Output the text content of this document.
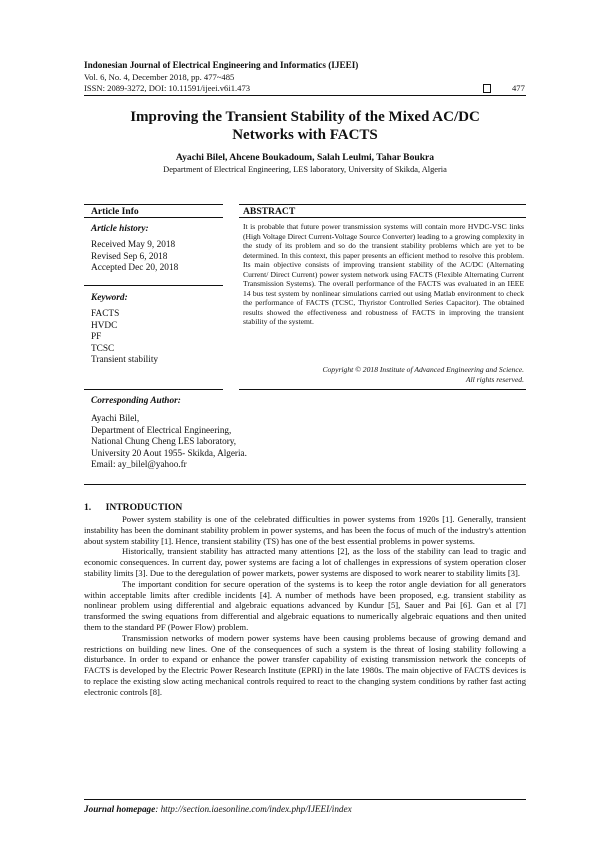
Indonesian Journal of Electrical Engineering and Informatics (IJEEI)
Vol. 6, No. 4, December 2018, pp. 477~485
ISSN: 2089-3272, DOI: 10.11591/ijeei.v6i1.473	477
Improving the Transient Stability of the Mixed AC/DC
Networks with FACTS
Ayachi Bilel, Ahcene Boukadoum, Salah Leulmi, Tahar Boukra
Department of Electrical Engineering, LES laboratory, University of Skikda, Algeria
Article Info	ABSTRACT
Article history:
Received May 9, 2018
Revised Sep 6, 2018
Accepted Dec 20, 2018
Keyword:
FACTS
HVDC
PF
TCSC
Transient stability
It is probable that future power transmission systems will contain more HVDC-VSC links (High Voltage Direct Current-Voltage Source Converter) leading to a growing complexity in the study of its problem and so do the transient stability problems which are yet to be determined. In this context, this paper presents an efficient method to resolve this problem. Its main objective consists of improving transient stability of the AC/DC (Alternating Current/ Direct Current) power system network using FACTS (Flexible Alternating Current Transmission Systems). The overall performance of the FACTS was evaluated in an IEEE 14 bus test system by nonlinear simulations carried out using Matlab environment to check the performance of FACTS (TCSC, Thyristor Controlled Series Capacitor). The obtained results showed the effectiveness and robustness of FACTS in improving the transient stability of the systemt.
Copyright © 2018 Institute of Advanced Engineering and Science.
All rights reserved.
Corresponding Author:
Ayachi Bilel,
Department of Electrical Engineering,
National Chung Cheng LES laboratory,
University 20 Aout 1955- Skikda, Algeria.
Email: ay_bilel@yahoo.fr
1.      INTRODUCTION

Power system stability is one of the celebrated difficulties in power systems from 1920s [1]. Generally, transient instability has been the dominant stability problem in power systems, and has been the focus of much of the industry's attention about system stability [1]. Hence, transient stability (TS) has one of the best essential problems in power systems.

Historically, transient stability has attracted many attentions [2], as the loss of the stability can lead to tragic and economic consequences. In current day, power systems are facing a lot of challenges in expressions of system operation closer stability limits [3]. Due to the deregulation of power markets, power systems are disposed to work nearer to stability limits [3].

The important condition for secure operation of the systems is to keep the rotor angle deviation for all generators within acceptable limits after credible incidents [4]. A number of methods have been proposed, e.g. transient stability as nonlinear problem using differential and algebraic equations advanced by Kundur [5], Sauer and Pai [6]. Gan et al [7] transformed the swing equations from differential and algebraic equations to numerically algebraic equations and then united them to the standard PF (Power Flow) problem.

Transmission networks of modern power systems have been causing problems because of growing demand and restrictions on building new lines. One of the consequences of such a system is the threat of losing stability following a disturbance. In order to expand or enhance the power transfer capability of existing transmission network the concepts of FACTS is developed by the Electric Power Research Institute (EPRI) in the late 1980s. The main objective of FACTS devices is to replace the existing slow acting mechanical controls required to react to the changing system conditions by rather fast acting electronic controls [8].

Journal homepage: http://section.iaesonline.com/index.php/IJEEI/index
